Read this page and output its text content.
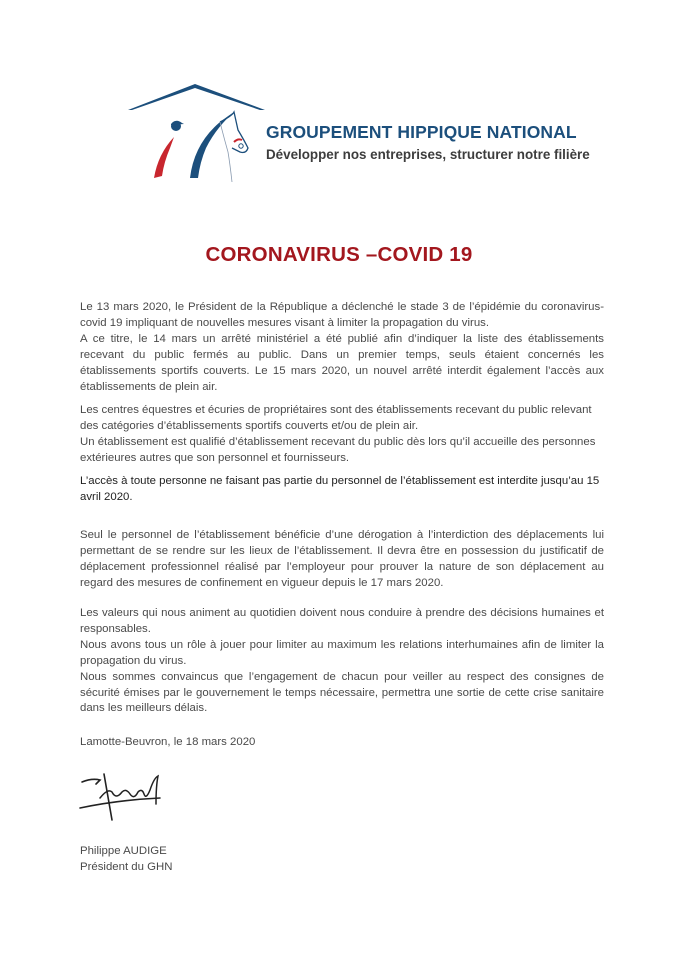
GROUPEMENT HIPPIQUE NATIONAL
Développer nos entreprises, structurer notre filière
CORONAVIRUS –COVID 19

Le 13 mars 2020, le Président de la République a déclenché le stade 3 de l’épidémie du coronavirus-covid 19 impliquant de nouvelles mesures visant à limiter la propagation du virus.

A ce titre, le 14 mars un arrêté ministériel a été publié afin d’indiquer la liste des établissements recevant du public fermés au public. Dans un premier temps, seuls étaient concernés les établissements sportifs couverts. Le 15 mars 2020, un nouvel arrêté interdit également l’accès aux établissements de plein air.

Les centres équestres et écuries de propriétaires sont des établissements recevant du public relevant des catégories d’établissements sportifs couverts et/ou de plein air.

Un établissement est qualifié d’établissement recevant du public dès lors qu’il accueille des personnes extérieures autres que son personnel et fournisseurs.

L’accès à toute personne ne faisant pas partie du personnel de l’établissement est interdite jusqu’au 15 avril 2020.

Seul le personnel de l’établissement bénéficie d’une dérogation à l’interdiction des déplacements lui permettant de se rendre sur les lieux de l’établissement. Il devra être en possession du justificatif de déplacement professionnel réalisé par l’employeur pour prouver la nature de son déplacement au regard des mesures de confinement en vigueur depuis le 17 mars 2020.

Les valeurs qui nous animent au quotidien doivent nous conduire à prendre des décisions humaines et responsables.

Nous avons tous un rôle à jouer pour limiter au maximum les relations interhumaines afin de limiter la propagation du virus.

Nous sommes convaincus que l’engagement de chacun pour veiller au respect des consignes de sécurité émises par le gouvernement le temps nécessaire, permettra une sortie de cette crise sanitaire dans les meilleurs délais.

Lamotte-Beuvron, le 18 mars 2020

Philippe AUDIGE

Président du GHN
